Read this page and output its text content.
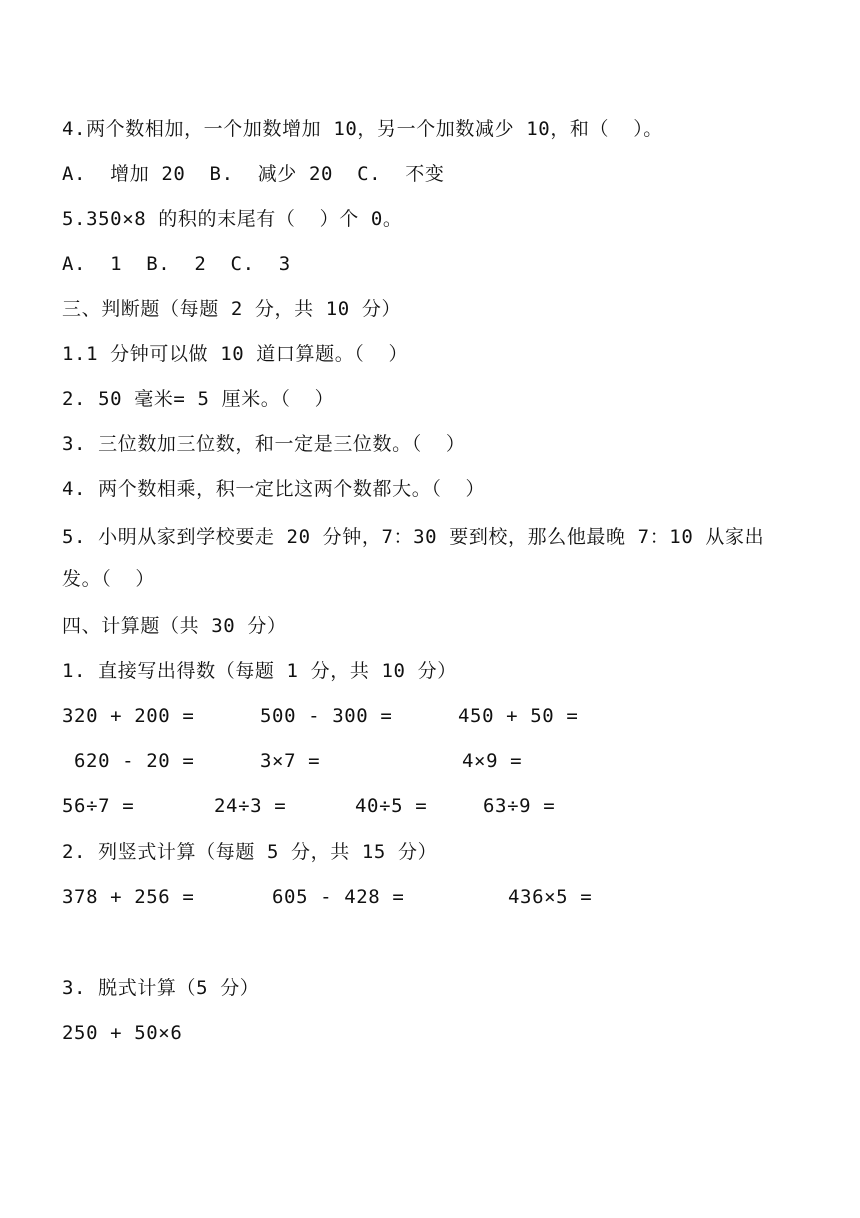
4.两个数相加，一个加数增加 10，另一个加数减少 10，和（  ）。
A.  增加 20  B.  减少 20  C.  不变
5.350×8 的积的末尾有（  ）个 0。
A.  1  B.  2  C.  3
三、判断题（每题 2 分，共 10 分）
1.1 分钟可以做 10 道口算题。（  ）
2. 50 毫米= 5 厘米。（  ）
3. 三位数加三位数，和一定是三位数。（  ）
4. 两个数相乘，积一定比这两个数都大。（  ）
5. 小明从家到学校要走 20 分钟，7：30 要到校，那么他最晚 7：10 从家出
发。（  ）
四、计算题（共 30 分）
1. 直接写出得数（每题 1 分，共 10 分）
320 + 200 =	500 - 300 =	450 + 50 =
620 - 20 =	3×7 =	4×9 =
56÷7 =	24÷3 =	40÷5 =	63÷9 =
2. 列竖式计算（每题 5 分，共 15 分）
378 + 256 =	605 - 428 =	436×5 =
3. 脱式计算（5 分）
250 + 50×6
